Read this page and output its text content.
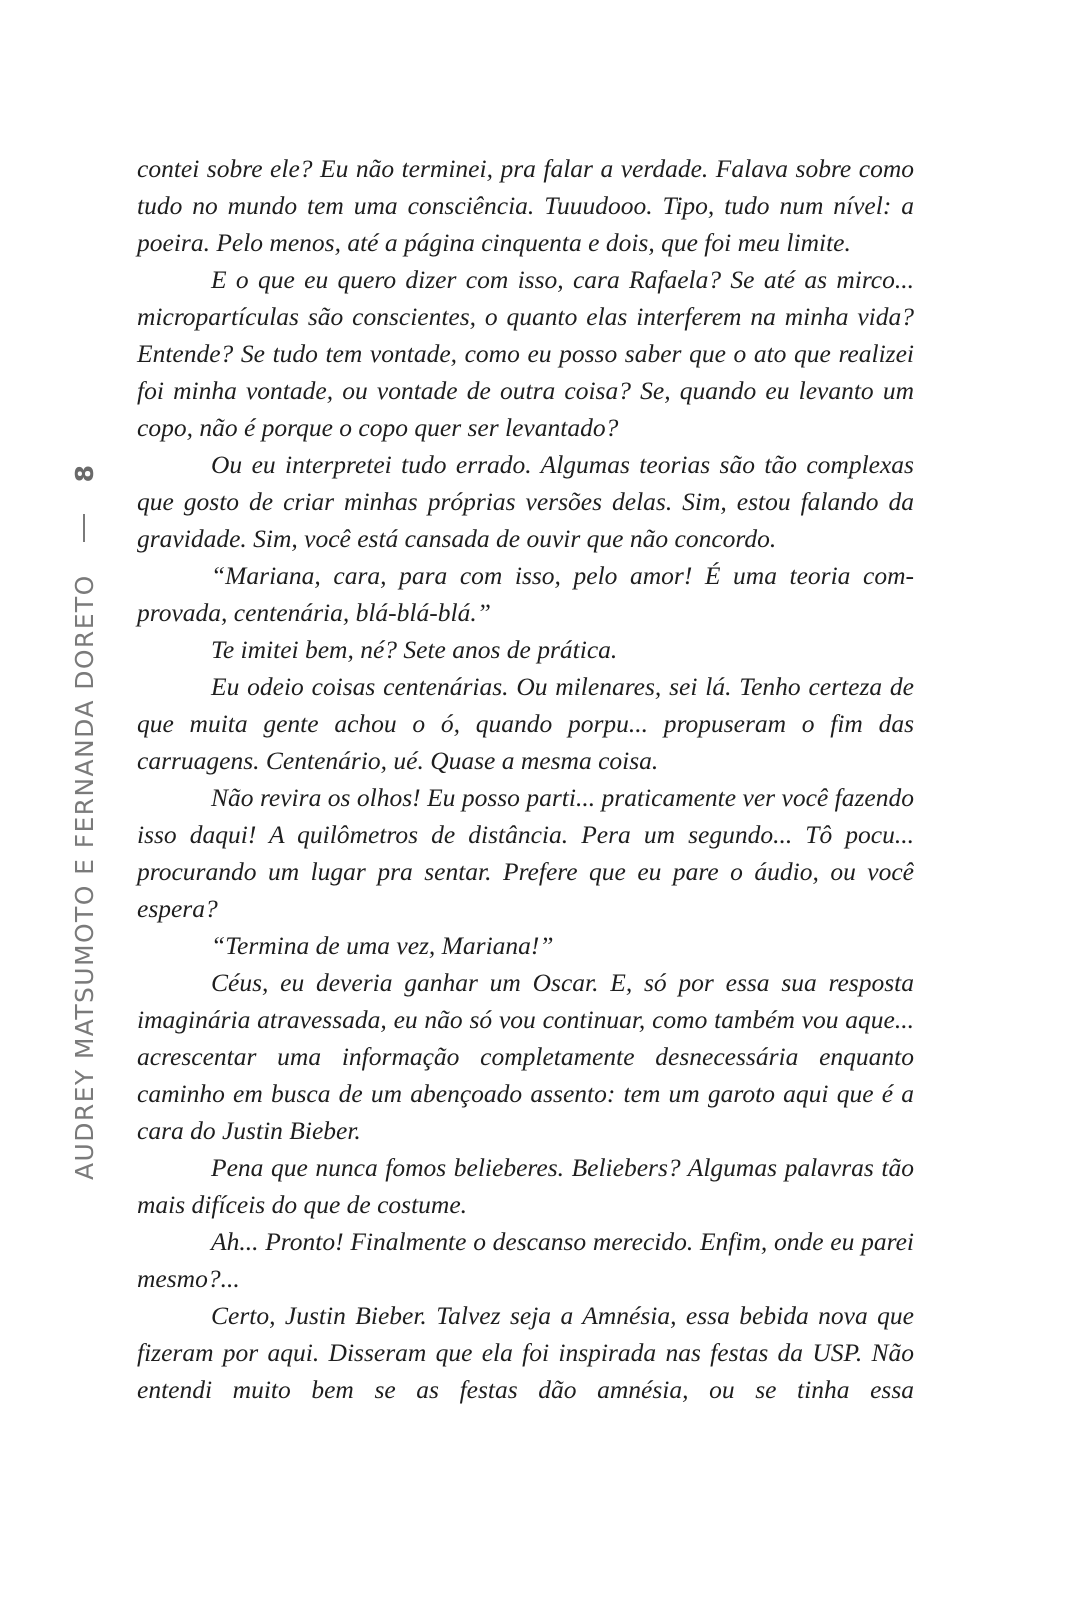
AUDREY MATSUMOTO E FERNANDA DORETO
8

contei sobre ele? Eu não terminei, pra falar a verdade. Falava sobre como tudo no mundo tem uma consciência. Tuuudooo. Tipo, tudo num nível: a poeira. Pelo menos, até a página cinquenta e dois, que foi meu limite.

E o que eu quero dizer com isso, cara Rafaela? Se até as mirco... micropartículas são conscientes, o quanto elas interferem na minha vida? Entende? Se tudo tem vontade, como eu posso saber que o ato que realizei foi minha vontade, ou vontade de outra coisa? Se, quando eu levanto um copo, não é porque o copo quer ser levantado?

Ou eu interpretei tudo errado. Algumas teorias são tão complexas que gosto de criar minhas próprias versões delas. Sim, estou falando da gravidade. Sim, você está cansada de ouvir que não concordo.

“Mariana, cara, para com isso, pelo amor! É uma teoria comprovada, centenária, blá-blá-blá.”

Te imitei bem, né? Sete anos de prática.

Eu odeio coisas centenárias. Ou milenares, sei lá. Tenho certeza de que muita gente achou o ó, quando porpu... propuseram o fim das carruagens. Centenário, ué. Quase a mesma coisa.

Não revira os olhos! Eu posso parti... praticamente ver você fazendo isso daqui! A quilômetros de distância. Pera um segundo... Tô pocu... procurando um lugar pra sentar. Prefere que eu pare o áudio, ou você espera?

“Termina de uma vez, Mariana!”

Céus, eu deveria ganhar um Oscar. E, só por essa sua resposta imaginária atravessada, eu não só vou continuar, como também vou aque... acrescentar uma informação completamente desnecessária enquanto caminho em busca de um abençoado assento: tem um garoto aqui que é a cara do Justin Bieber.

Pena que nunca fomos belieberes. Beliebers? Algumas palavras tão mais difíceis do que de costume.

Ah... Pronto! Finalmente o descanso merecido. Enfim, onde eu parei mesmo?...

Certo, Justin Bieber. Talvez seja a Amnésia, essa bebida nova que fizeram por aqui. Disseram que ela foi inspirada nas festas da USP. Não entendi muito bem se as festas dão amnésia, ou se tinha essa
